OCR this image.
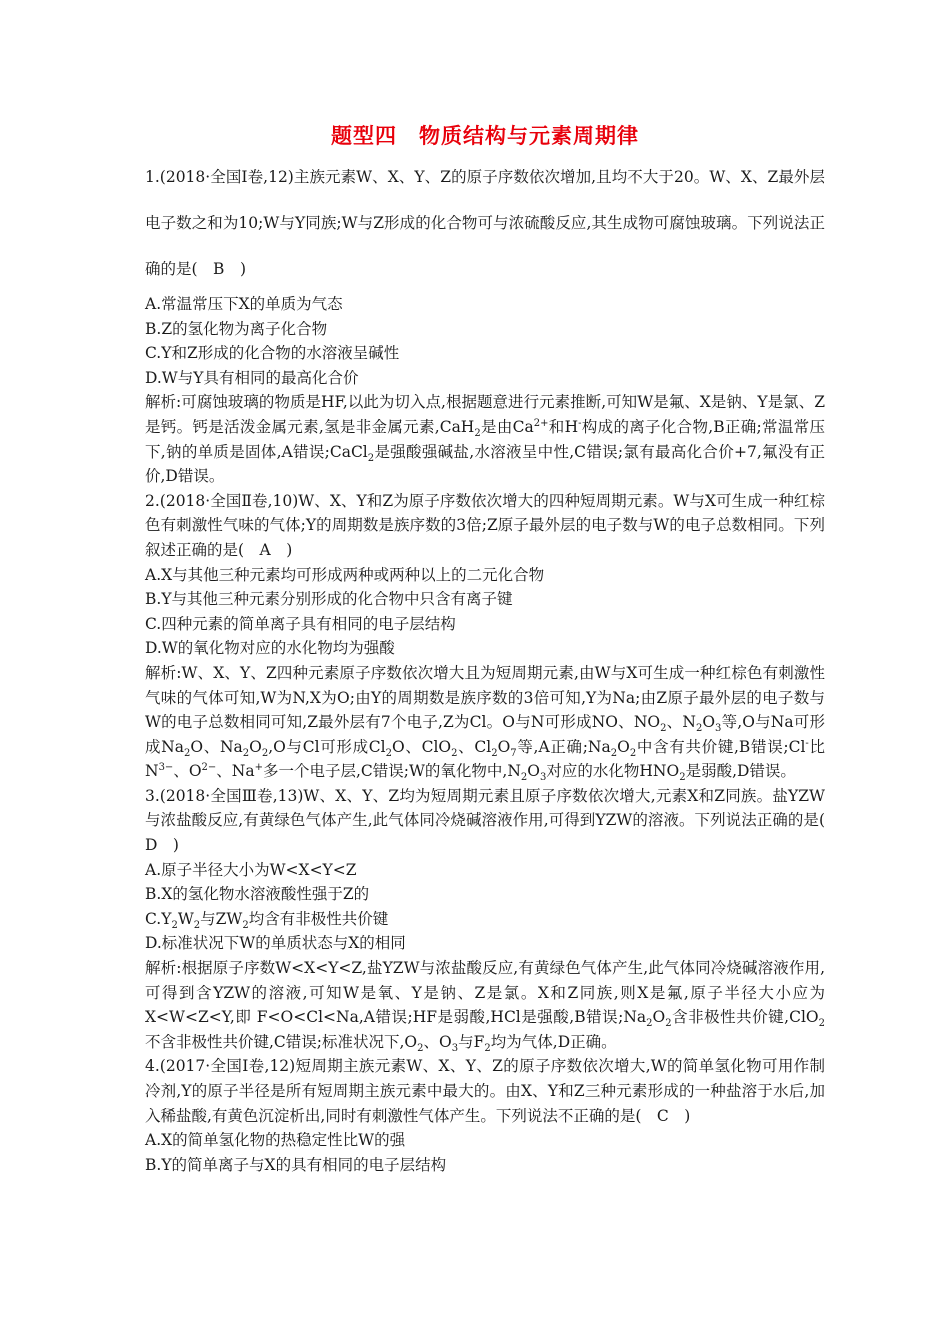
题型四 物质结构与元素周期律

1.(2018·全国Ⅰ卷,12)主族元素W、X、Y、Z的原子序数依次增加,且均不大于20。W、X、Z最外层电子数之和为10;W与Y同族;W与Z形成的化合物可与浓硫酸反应,其生成物可腐蚀玻璃。下列说法正确的是(　B　)

A.常温常压下X的单质为气态

B.Z的氢化物为离子化合物

C.Y和Z形成的化合物的水溶液呈碱性

D.W与Y具有相同的最高化合价

解析:可腐蚀玻璃的物质是HF,以此为切入点,根据题意进行元素推断,可知W是氟、X是钠、Y是氯、Z是钙。钙是活泼金属元素,氢是非金属元素,CaH$_2$是由$Ca^{2+}$和H-构成的离子化合物,B正确;常温常压下,钠的单质是固体,A错误;CaCl$_2$是强酸强碱盐,水溶液呈中性,C错误;氯有最高化合价+7,氟没有正价,D错误。

2.(2018·全国Ⅱ卷,10)W、X、Y和Z为原子序数依次增大的四种短周期元素。W与X可生成一种红棕色有刺激性气味的气体;Y的周期数是族序数的3倍;Z原子最外层的电子数与W的电子总数相同。下列叙述正确的是(　A　)

A.X与其他三种元素均可形成两种或两种以上的二元化合物

B.Y与其他三种元素分别形成的化合物中只含有离子键

C.四种元素的简单离子具有相同的电子层结构

D.W的氧化物对应的水化物均为强酸

解析:W、X、Y、Z四种元素原子序数依次增大且为短周期元素,由W与X可生成一种红棕色有刺激性气味的气体可知,W为N,X为O;由Y的周期数是族序数的3倍可知,Y为Na;由Z原子最外层的电子数与W的电子总数相同可知,Z最外层有7个电子,Z为Cl。O与N可形成NO、$NO_2$、$N_2O_3$等,O与Na可形成$Na_2O$、$Na_2O_2,O$与Cl可形成$Cl_2O$、ClO$_2$、$Cl_2O_7$等,A正确$;Na_2O_2$中含有共价键,B错误;Cl-比$N^{3-}$、$O^{2-}$、Na+多一个电子层,C错误;W的氧化物中$,N_2O_3$对应的水化物$HNO_2$是弱酸,D错误。

3.(2018·全国Ⅲ卷,13)W、X、Y、Z均为短周期元素且原子序数依次增大,元素X和Z同族。盐YZW与浓盐酸反应,有黄绿色气体产生,此气体同冷烧碱溶液作用,可得到YZW的溶液。下列说法正确的是(　D　)

A.原子半径大小为W<X<Y<Z

B.X的氢化物水溶液酸性强于Z的

$C.Y_2W_2$与$ZW_2$均含有非极性共价键

D.标准状况下W的单质状态与X的相同

解析:根据原子序数W<X<Y<Z,盐YZW与浓盐酸反应,有黄绿色气体产生,此气体同冷烧碱溶液作用,可得到含YZW的溶液,可知W是氧、Y是钠、Z是氯。X和Z同族,则X是氟,原子半径大小应为X<W<Z<Y,即 F<O<Cl<Na,A错误;HF是弱酸,HCl是强酸,B错误$;Na_2O_2$含非极性共价键,ClO$_2$不含非极性共价键,C错误;标准状况下$,O_2$、$O_3$与$F_2$均为气体,D正确。

4.(2017·全国Ⅰ卷,12)短周期主族元素W、X、Y、Z的原子序数依次增大,W的简单氢化物可用作制冷剂,Y的原子半径是所有短周期主族元素中最大的。由X、Y和Z三种元素形成的一种盐溶于水后,加入稀盐酸,有黄色沉淀析出,同时有刺激性气体产生。下列说法不正确的是(　C　)

A.X的简单氢化物的热稳定性比W的强

B.Y的简单离子与X的具有相同的电子层结构
